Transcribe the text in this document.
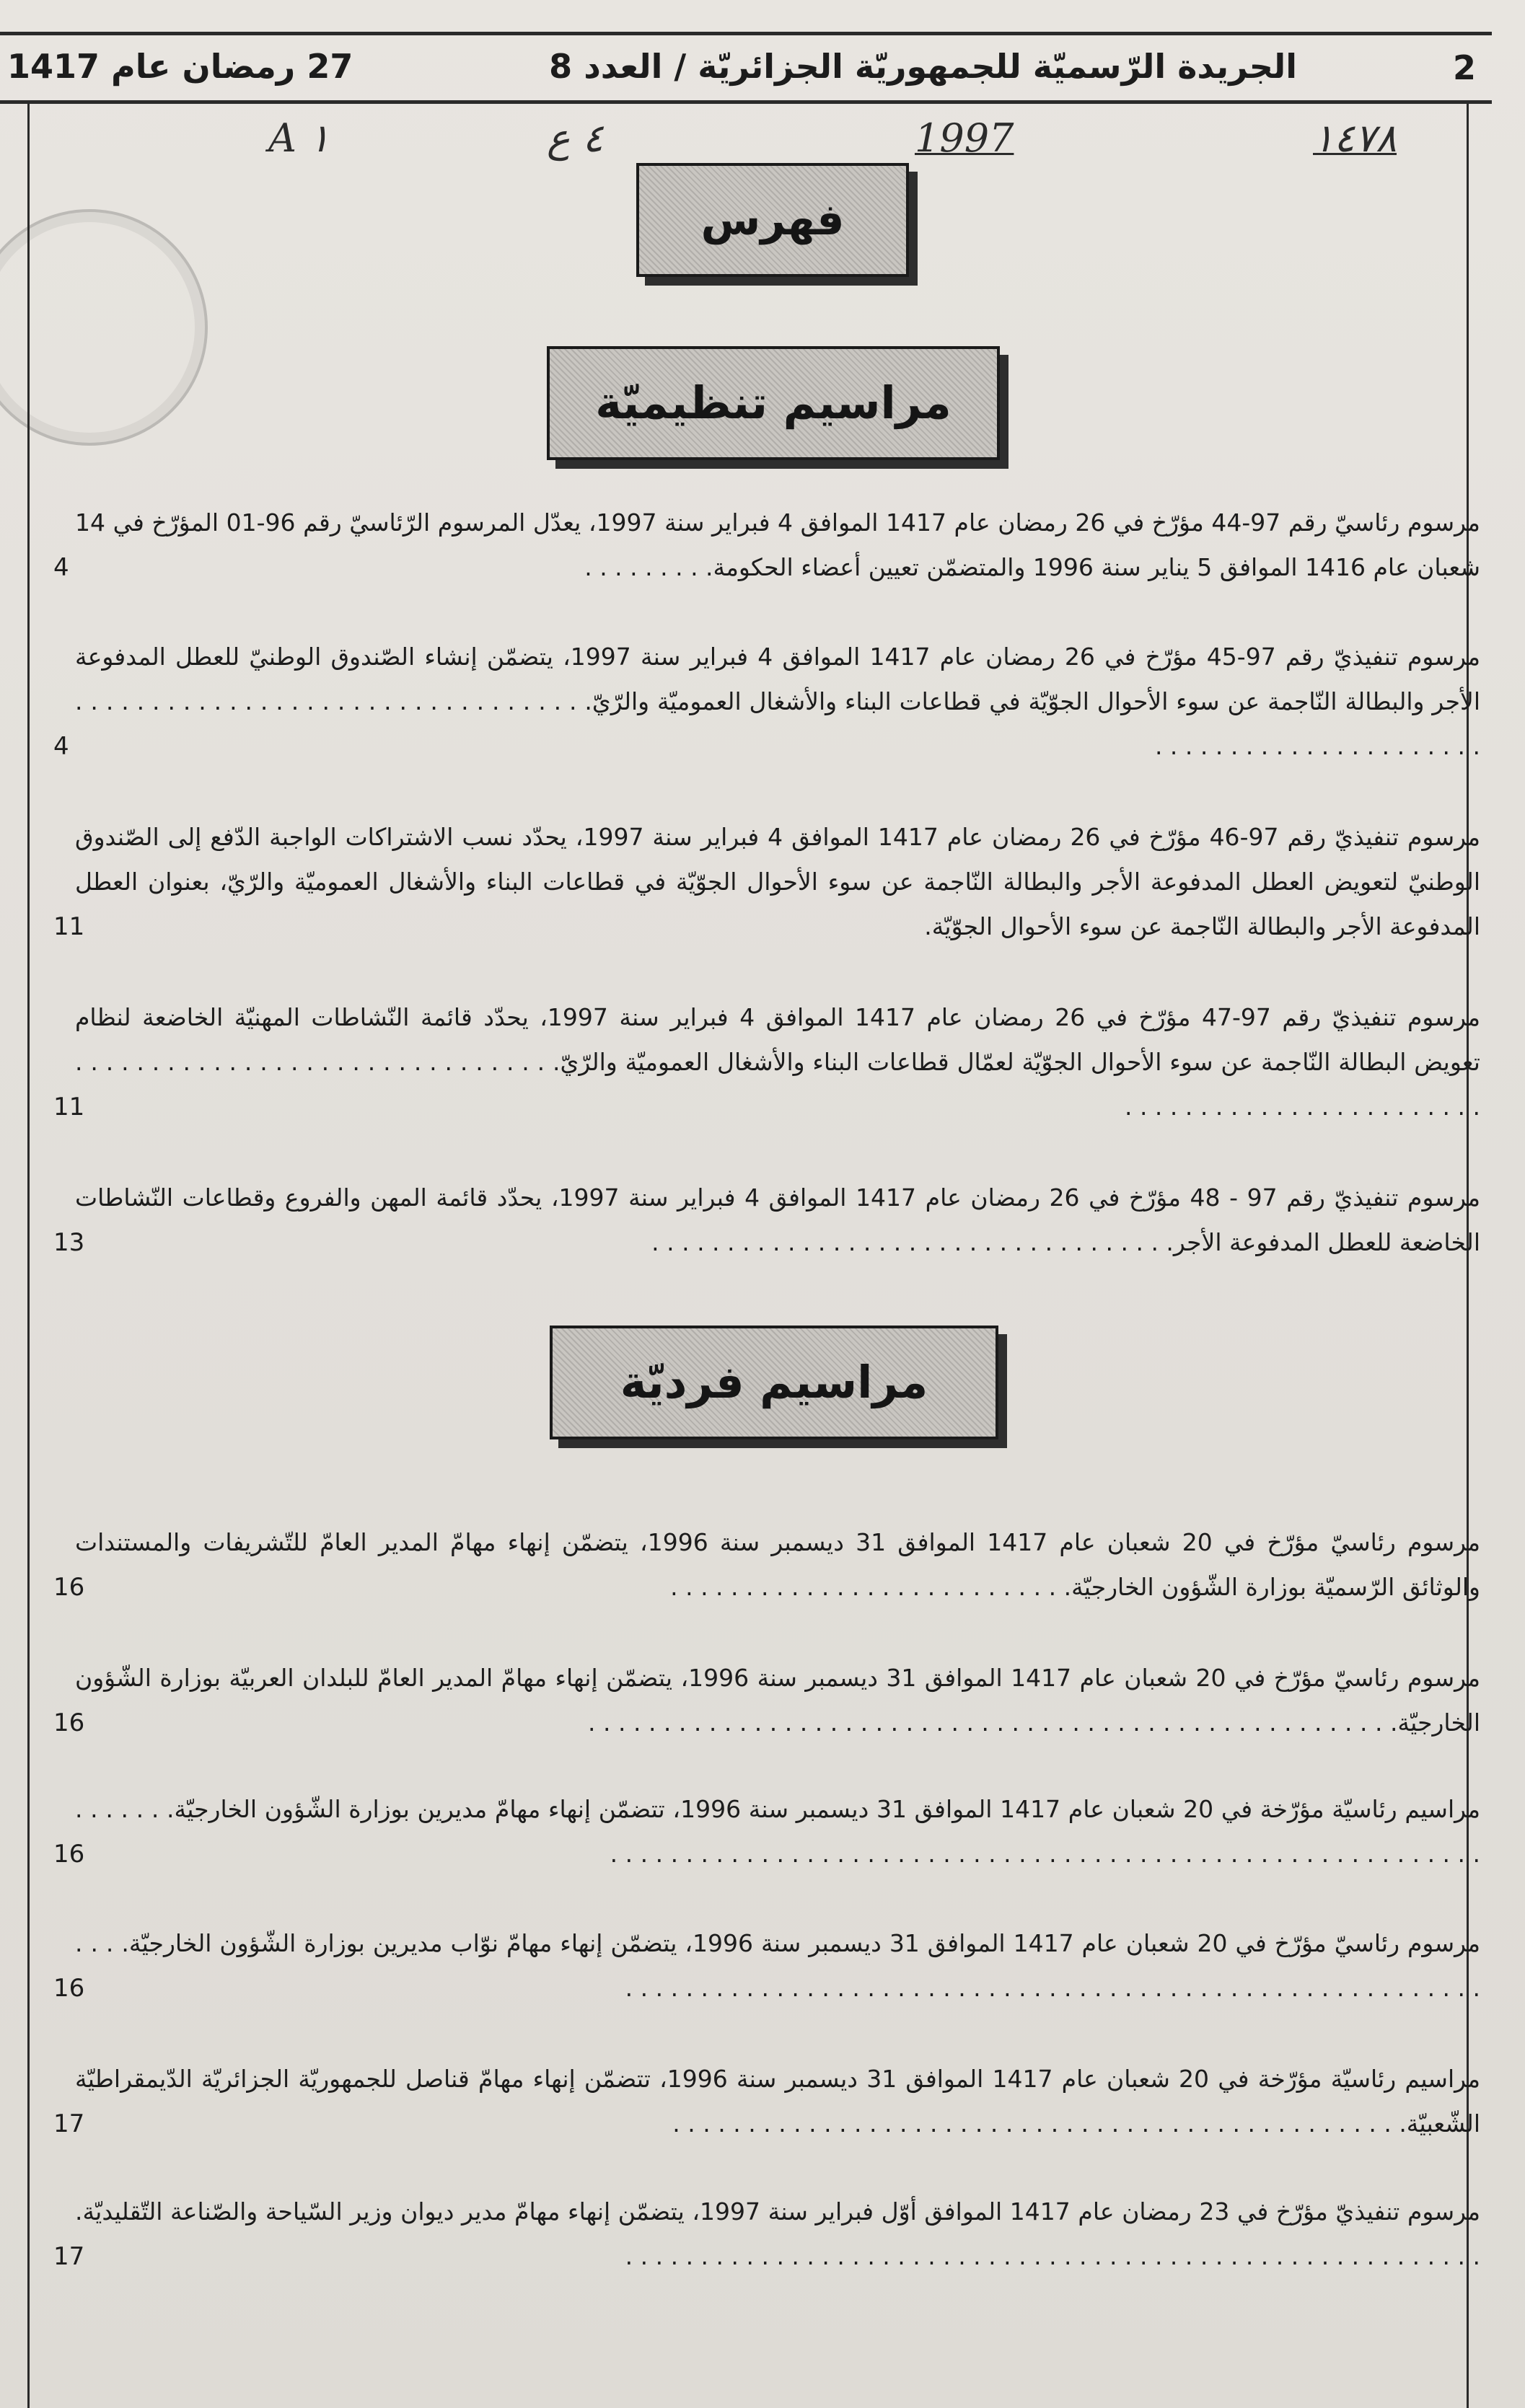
2
الجريدة الرّسميّة للجمهوريّة الجزائريّة / العدد 8
27 رمضان عام 1417
A ١	٤ ع	1997	١٤٧٨
فهرس
مراسيم تنظيميّة
مرسوم رئاسيّ رقم 97-44 مؤرّخ في 26 رمضان عام 1417 الموافق 4 فبراير سنة 1997، يعدّل المرسوم الرّئاسيّ رقم 96-01 المؤرّخ في 14 شعبان عام 1416 الموافق 5 يناير سنة 1996 والمتضمّن تعيين أعضاء الحكومة. . . . . . . . .
4
مرسوم تنفيذيّ رقم 97-45 مؤرّخ في 26 رمضان عام 1417 الموافق 4 فبراير سنة 1997، يتضمّن إنشاء الصّندوق الوطنيّ للعطل المدفوعة الأجر والبطالة النّاجمة عن سوء الأحوال الجوّيّة في قطاعات البناء والأشغال العموميّة والرّيّ. . . . . . . . . . . . . . . . . . . . . . . . . . . . . . . . . . . . . . . . . . . . . . . . . . . . . . . .
4
مرسوم تنفيذيّ رقم 97-46 مؤرّخ في 26 رمضان عام 1417 الموافق 4 فبراير سنة 1997، يحدّد نسب الاشتراكات الواجبة الدّفع إلى الصّندوق الوطنيّ لتعويض العطل المدفوعة الأجر والبطالة النّاجمة عن سوء الأحوال الجوّيّة في قطاعات البناء والأشغال العموميّة والرّيّ، بعنوان العطل المدفوعة الأجر والبطالة النّاجمة عن سوء الأحوال الجوّيّة.
11
مرسوم تنفيذيّ رقم 97-47 مؤرّخ في 26 رمضان عام 1417 الموافق 4 فبراير سنة 1997، يحدّد قائمة النّشاطات المهنيّة الخاضعة لنظام تعويض البطالة النّاجمة عن سوء الأحوال الجوّيّة لعمّال قطاعات البناء والأشغال العموميّة والرّيّ. . . . . . . . . . . . . . . . . . . . . . . . . . . . . . . . . . . . . . . . . . . . . . . . . . . . . . . .
11
مرسوم تنفيذيّ رقم 97 - 48 مؤرّخ في 26 رمضان عام 1417 الموافق 4 فبراير سنة 1997، يحدّد قائمة المهن والفروع وقطاعات النّشاطات الخاضعة للعطل المدفوعة الأجر. . . . . . . . . . . . . . . . . . . . . . . . . . . . . . . . . . .
13
مراسيم فرديّة
مرسوم رئاسيّ مؤرّخ في 20 شعبان عام 1417 الموافق 31 ديسمبر سنة 1996، يتضمّن إنهاء مهامّ المدير العامّ للتّشريفات والمستندات والوثائق الرّسميّة بوزارة الشّؤون الخارجيّة. . . . . . . . . . . . . . . . . . . . . . . . . . .
16
مرسوم رئاسيّ مؤرّخ في 20 شعبان عام 1417 الموافق 31 ديسمبر سنة 1996، يتضمّن إنهاء مهامّ المدير العامّ للبلدان العربيّة بوزارة الشّؤون الخارجيّة. . . . . . . . . . . . . . . . . . . . . . . . . . . . . . . . . . . . . . . . . . . . . . . . . . . . . .
16
مراسيم رئاسيّة مؤرّخة في 20 شعبان عام 1417 الموافق 31 ديسمبر سنة 1996، تتضمّن إنهاء مهامّ مديرين بوزارة الشّؤون الخارجيّة. . . . . . . . . . . . . . . . . . . . . . . . . . . . . . . . . . . . . . . . . . . . . . . . . . . . . . . . . . . . . . . . .
16
مرسوم رئاسيّ مؤرّخ في 20 شعبان عام 1417 الموافق 31 ديسمبر سنة 1996، يتضمّن إنهاء مهامّ نوّاب مديرين بوزارة الشّؤون الخارجيّة. . . . . . . . . . . . . . . . . . . . . . . . . . . . . . . . . . . . . . . . . . . . . . . . . . . . . . . . . . . . .
16
مراسيم رئاسيّة مؤرّخة في 20 شعبان عام 1417 الموافق 31 ديسمبر سنة 1996، تتضمّن إنهاء مهامّ قناصل للجمهوريّة الجزائريّة الدّيمقراطيّة الشّعبيّة. . . . . . . . . . . . . . . . . . . . . . . . . . . . . . . . . . . . . . . . . . . . . . . . .
17
مرسوم تنفيذيّ مؤرّخ في 23 رمضان عام 1417 الموافق أوّل فبراير سنة 1997، يتضمّن إنهاء مهامّ مدير ديوان وزير السّياحة والصّناعة التّقليديّة. . . . . . . . . . . . . . . . . . . . . . . . . . . . . . . . . . . . . . . . . . . . . . . . . . . . . . . . . .
17
